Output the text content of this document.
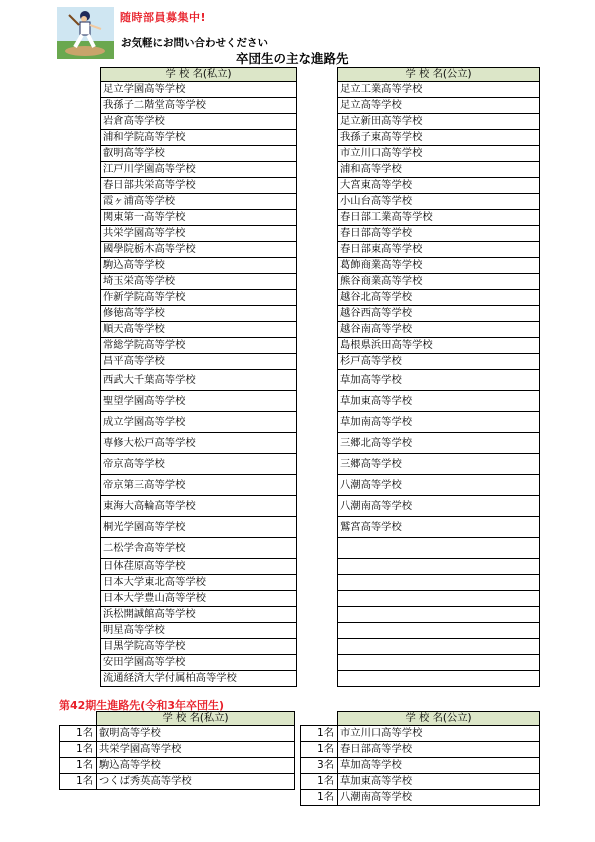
随時部員募集中!
お気軽にお問い合わせください
卒団生の主な進路先
学 校 名(私立)
足立学園高等学校
我孫子二階堂高等学校
岩倉高等学校
浦和学院高等学校
叡明高等学校
江戸川学園高等学校
春日部共栄高等学校
霞ヶ浦高等学校
関東第一高等学校
共栄学園高等学校
國學院栃木高等学校
駒込高等学校
埼玉栄高等学校
作新学院高等学校
修徳高等学校
順天高等学校
常総学院高等学校
昌平高等学校
西武大千葉高等学校
聖望学園高等学校
成立学園高等学校
専修大松戸高等学校
帝京高等学校
帝京第三高等学校
東海大高輪高等学校
桐光学園高等学校
二松学舎高等学校
日体荏原高等学校
日本大学東北高等学校
日本大学豊山高等学校
浜松開誠館高等学校
明星高等学校
目黒学院高等学校
安田学園高等学校
流通経済大学付属柏高等学校
学 校 名(公立)
足立工業高等学校
足立高等学校
足立新田高等学校
我孫子東高等学校
市立川口高等学校
浦和高等学校
大宮東高等学校
小山台高等学校
春日部工業高等学校
春日部高等学校
春日部東高等学校
葛飾商業高等学校
熊谷商業高等学校
越谷北高等学校
越谷西高等学校
越谷南高等学校
島根県浜田高等学校
杉戸高等学校
草加高等学校
草加東高等学校
草加南高等学校
三郷北高等学校
三郷高等学校
八潮高等学校
八潮南高等学校
鷲宮高等学校

第42期生進路先(令和3年卒団生)
	学 校 名(私立)
1名	叡明高等学校
1名	共栄学園高等学校
1名	駒込高等学校
1名	つくば秀英高等学校
	学 校 名(公立)
1名	市立川口高等学校
1名	春日部高等学校
3名	草加高等学校
1名	草加東高等学校
1名	八潮南高等学校
